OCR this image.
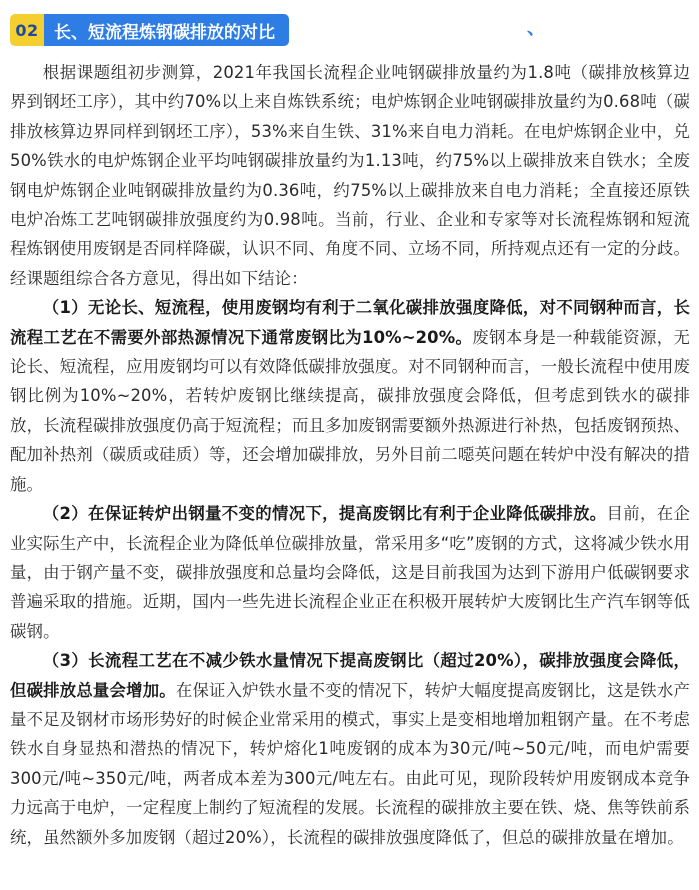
02 长、短流程炼钢碳排放的对比	、

根据课题组初步测算，2021年我国长流程企业吨钢碳排放量约为1.8吨（碳排放核算边界到钢坯工序），其中约70%以上来自炼铁系统；电炉炼钢企业吨钢碳排放量约为0.68吨（碳排放核算边界同样到钢坯工序），53%来自生铁、31%来自电力消耗。在电炉炼钢企业中，兑50%铁水的电炉炼钢企业平均吨钢碳排放量约为1.13吨，约75%以上碳排放来自铁水；全废钢电炉炼钢企业吨钢碳排放量约为0.36吨，约75%以上碳排放来自电力消耗；全直接还原铁电炉冶炼工艺吨钢碳排放强度约为0.98吨。当前，行业、企业和专家等对长流程炼钢和短流程炼钢使用废钢是否同样降碳，认识不同、角度不同、立场不同，所持观点还有一定的分歧。经课题组综合各方意见，得出如下结论：

（1）无论长、短流程，使用废钢均有利于二氧化碳排放强度降低，对不同钢种而言，长流程工艺在不需要外部热源情况下通常废钢比为10%~20%。废钢本身是一种载能资源，无论长、短流程，应用废钢均可以有效降低碳排放强度。对不同钢种而言，一般长流程中使用废钢比例为10%~20%，若转炉废钢比继续提高，碳排放强度会降低，但考虑到铁水的碳排放，长流程碳排放强度仍高于短流程；而且多加废钢需要额外热源进行补热，包括废钢预热、配加补热剂（碳质或硅质）等，还会增加碳排放，另外目前二噁英问题在转炉中没有解决的措施。

（2）在保证转炉出钢量不变的情况下，提高废钢比有利于企业降低碳排放。目前，在企业实际生产中，长流程企业为降低单位碳排放量，常采用多“吃”废钢的方式，这将减少铁水用量，由于钢产量不变，碳排放强度和总量均会降低，这是目前我国为达到下游用户低碳钢要求普遍采取的措施。近期，国内一些先进长流程企业正在积极开展转炉大废钢比生产汽车钢等低碳钢。

（3）长流程工艺在不减少铁水量情况下提高废钢比（超过20%），碳排放强度会降低，但碳排放总量会增加。在保证入炉铁水量不变的情况下，转炉大幅度提高废钢比，这是铁水产量不足及钢材市场形势好的时候企业常采用的模式，事实上是变相地增加粗钢产量。在不考虑铁水自身显热和潜热的情况下，转炉熔化1吨废钢的成本为30元/吨~50元/吨，而电炉需要300元/吨~350元/吨，两者成本差为300元/吨左右。由此可见，现阶段转炉用废钢成本竞争力远高于电炉，一定程度上制约了短流程的发展。长流程的碳排放主要在铁、烧、焦等铁前系统，虽然额外多加废钢（超过20%），长流程的碳排放强度降低了，但总的碳排放量在增加。
